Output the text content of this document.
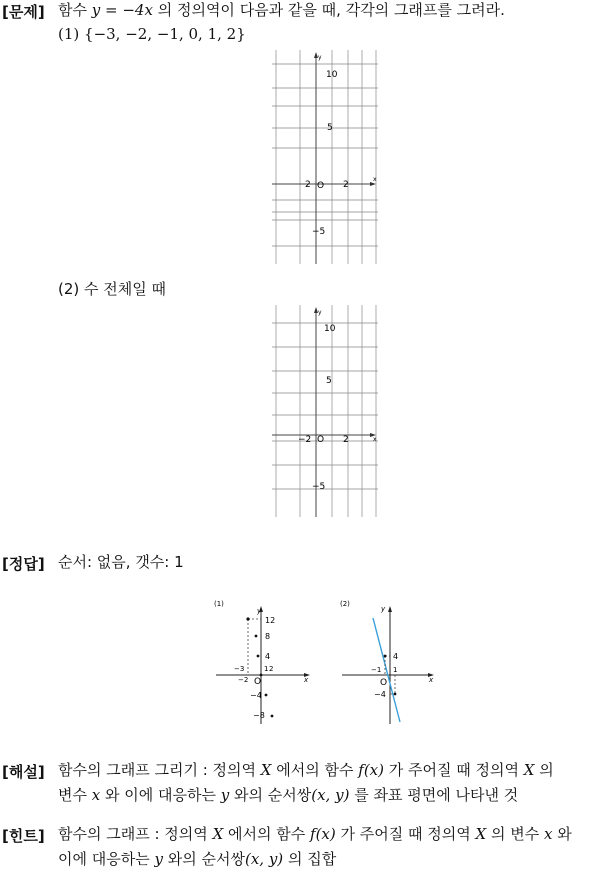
[문제] 함수 y = −4x 의 정의역이 다음과 같을 때, 각각의 그래프를 그려라.
(1) {−3, −2, −1, 0, 1, 2}
y
x
O
10
5
2	2
−5
(2) 수 전체일 때
y
x
O
10
5
−2	2
−5
[정답] 순서: 없음, 갯수: 1
(1)
y
x
O
12
8
4
−4
−8
−3
−2
1 2
(2)
y
x
O
4
−4
−1 1
[해설] 함수의 그래프 그리기 : 정의역 X 에서의 함수 f(x) 가 주어질 때 정의역 X 의
변수 x 와 이에 대응하는 y 와의 순서쌍(x, y) 를 좌표 평면에 나타낸 것
[힌트] 함수의 그래프 : 정의역 X 에서의 함수 f(x) 가 주어질 때 정의역 X 의 변수 x 와
이에 대응하는 y 와의 순서쌍(x, y) 의 집합
